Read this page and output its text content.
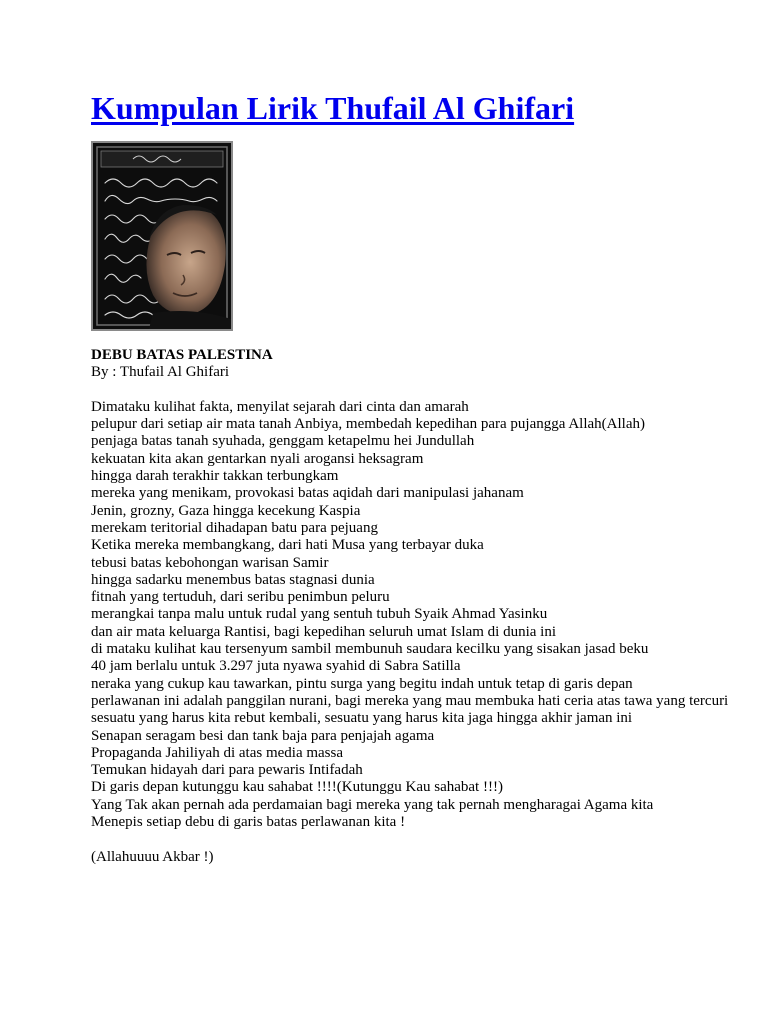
Kumpulan Lirik Thufail Al Ghifari

DEBU BATAS PALESTINA

By : Thufail Al Ghifari

Dimataku kulihat fakta, menyilat sejarah dari cinta dan amarah

pelupur dari setiap air mata tanah Anbiya, membedah kepedihan para pujangga Allah(Allah)

penjaga batas tanah syuhada, genggam ketapelmu hei Jundullah

kekuatan kita akan gentarkan nyali arogansi heksagram

hingga darah terakhir takkan terbungkam

mereka yang menikam, provokasi batas aqidah dari manipulasi jahanam

Jenin, grozny, Gaza hingga kecekung Kaspia

merekam teritorial dihadapan batu para pejuang

Ketika mereka membangkang, dari hati Musa yang terbayar duka

tebusi batas kebohongan warisan Samir

hingga sadarku menembus batas stagnasi dunia

fitnah yang tertuduh, dari seribu penimbun peluru

merangkai tanpa malu untuk rudal yang sentuh tubuh Syaik Ahmad Yasinku

dan air mata keluarga Rantisi, bagi kepedihan seluruh umat Islam di dunia ini

di mataku kulihat kau tersenyum sambil membunuh saudara kecilku yang sisakan jasad beku

40 jam berlalu untuk 3.297 juta nyawa syahid di Sabra Satilla

neraka yang cukup kau tawarkan, pintu surga yang begitu indah untuk tetap di garis depan

perlawanan ini adalah panggilan nurani, bagi mereka yang mau membuka hati ceria atas tawa yang tercuri

sesuatu yang harus kita rebut kembali, sesuatu yang harus kita jaga hingga akhir jaman ini

Senapan seragam besi dan tank baja para penjajah agama

Propaganda Jahiliyah di atas media massa

Temukan hidayah dari para pewaris Intifadah

Di garis depan kutunggu kau sahabat !!!!(Kutunggu Kau sahabat !!!)

Yang Tak akan pernah ada perdamaian bagi mereka yang tak pernah mengharagai Agama kita

Menepis setiap debu di garis batas perlawanan kita !

(Allahuuuu Akbar !)
